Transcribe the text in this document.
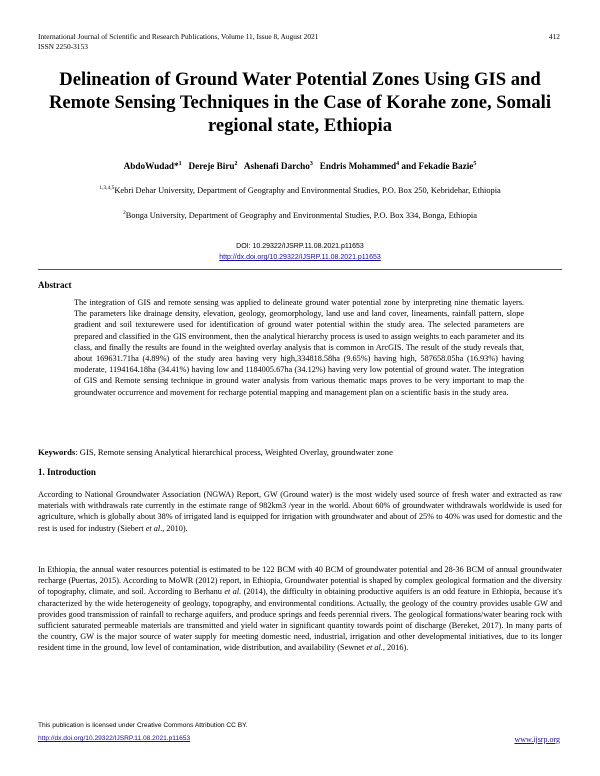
International Journal of Scientific and Research Publications, Volume 11, Issue 8, August 2021
ISSN 2250-3153
412
Delineation of Ground Water Potential Zones Using GIS and Remote Sensing Techniques in the Case of Korahe zone, Somali regional state, Ethiopia
AbdoWudad*$^1$ Dereje Biru$^2$ Ashenafi Darcho$^3$ Endris Mohammed$^4$ and Fekadie Bazie$^5$
$^{1,3,4,5}$Kebri Dehar University, Department of Geography and Environmental Studies, P.O. Box 250, Kebridehar, Ethiopia
$^2$Bonga University, Department of Geography and Environmental Studies, P.O. Box 334, Bonga, Ethiopia
DOI: 10.29322/IJSRP.11.08.2021.p11653
http://dx.doi.org/10.29322/IJSRP.11.08.2021.p11653
Abstract
The integration of GIS and remote sensing was applied to delineate ground water potential zone by interpreting nine thematic layers. The parameters like drainage density, elevation, geology, geomorphology, land use and land cover, lineaments, rainfall pattern, slope gradient and soil texturewere used for identification of ground water potential within the study area. The selected parameters are prepared and classified in the GIS environment, then the analytical hierarchy process is used to assign weights to each parameter and its class, and finally the results are found in the weighted overlay analysis that is common in ArcGIS. The result of the study reveals that, about 169631.71ha (4.89%) of the study area having very high,334818.58ha (9.65%) having high, 587658.05ha (16.93%) having moderate, 1194164.18ha (34.41%) having low and 1184005.67ha (34.12%) having very low potential of ground water. The integration of GIS and Remote sensing technique in ground water analysis from various thematic maps proves to be very important to map the groundwater occurrence and movement for recharge potential mapping and management plan on a scientific basis in the study area.
Keywords: GIS, Remote sensing Analytical hierarchical process, Weighted Overlay, groundwater zone
1. Introduction
According to National Groundwater Association (NGWA) Report, GW (Ground water) is the most widely used source of fresh water and extracted as raw materials with withdrawals rate currently in the estimate range of 982km3 /year in the world. About 60% of groundwater withdrawals worldwide is used for agriculture, which is globally about 38% of irrigated land is equipped for irrigation with groundwater and about of 25% to 40% was used for domestic and the rest is used for industry (Siebert et al., 2010).
In Ethiopia, the annual water resources potential is estimated to be 122 BCM with 40 BCM of groundwater potential and 28-36 BCM of annual groundwater recharge (Puertas, 2015). According to MoWR (2012) report, in Ethiopia, Groundwater potential is shaped by complex geological formation and the diversity of topography, climate, and soil. According to Berhanu et al. (2014), the difficulty in obtaining productive aquifers is an odd feature in Ethiopia, because it's characterized by the wide heterogeneity of geology, topography, and environmental conditions. Actually, the geology of the country provides usable GW and provides good transmission of rainfall to recharge aquifers, and produce springs and feeds perennial rivers. The geological formations/water bearing rock with sufficient saturated permeable materials are transmitted and yield water in significant quantity towards point of discharge (Bereket, 2017). In many parts of the country, GW is the major source of water supply for meeting domestic need, industrial, irrigation and other developmental initiatives, due to its longer resident time in the ground, low level of contamination, wide distribution, and availability (Sewnet et al., 2016).
This publication is licensed under Creative Commons Attribution CC BY.
http://dx.doi.org/10.29322/IJSRP.11.08.2021.p11653	www.ijsrp.org
